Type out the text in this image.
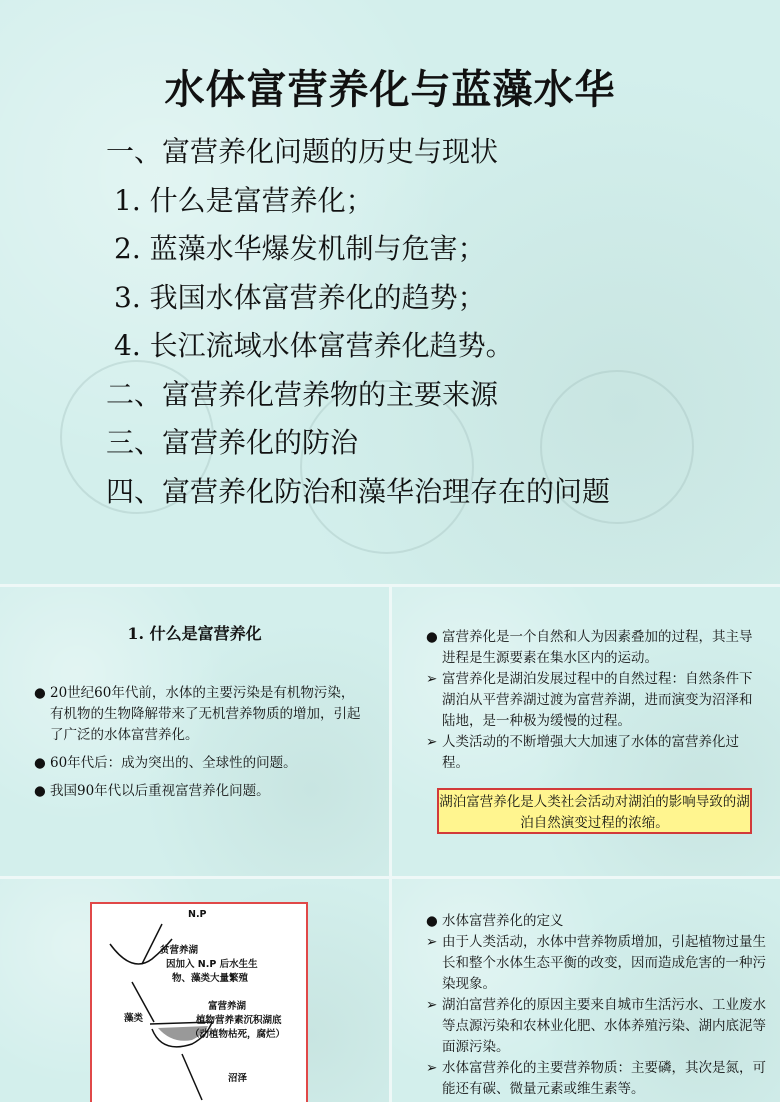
水体富营养化与蓝藻水华
一、富营养化问题的历史与现状
1. 什么是富营养化；
2. 蓝藻水华爆发机制与危害；
3. 我国水体富营养化的趋势；
4. 长江流域水体富营养化趋势。
二、富营养化营养物的主要来源
三、富营养化的防治
四、富营养化防治和藻华治理存在的问题
1. 什么是富营养化
● 20世纪60年代前，水体的主要污染是有机物污染，有机物的生物降解带来了无机营养物质的增加，引起了广泛的水体富营养化。
● 60年代后：成为突出的、全球性的问题。
● 我国90年代以后重视富营养化问题。
● 富营养化是一个自然和人为因素叠加的过程，其主导进程是生源要素在集水区内的运动。
➢ 富营养化是湖泊发展过程中的自然过程：自然条件下湖泊从平营养湖过渡为富营养湖，进而演变为沼泽和陆地，是一种极为缓慢的过程。
➢ 人类活动的不断增强大大加速了水体的富营养化过程。
湖泊富营养化是人类社会活动对湖泊的影响导致的湖泊自然演变过程的浓缩。
N.P
贫营养湖
因加入 N.P 后水生生
物、藻类大量繁殖
藻类
富营养湖
植物营养素沉积湖底
（动植物枯死，腐烂）
沼泽
● 水体富营养化的定义
➢ 由于人类活动，水体中营养物质增加，引起植物过量生长和整个水体生态平衡的改变，因而造成危害的一种污染现象。
➢ 湖泊富营养化的原因主要来自城市生活污水、工业废水等点源污染和农林业化肥、水体养殖污染、湖内底泥等面源污染。
➢ 水体富营养化的主要营养物质：主要磷，其次是氮，可能还有碳、微量元素或维生素等。
